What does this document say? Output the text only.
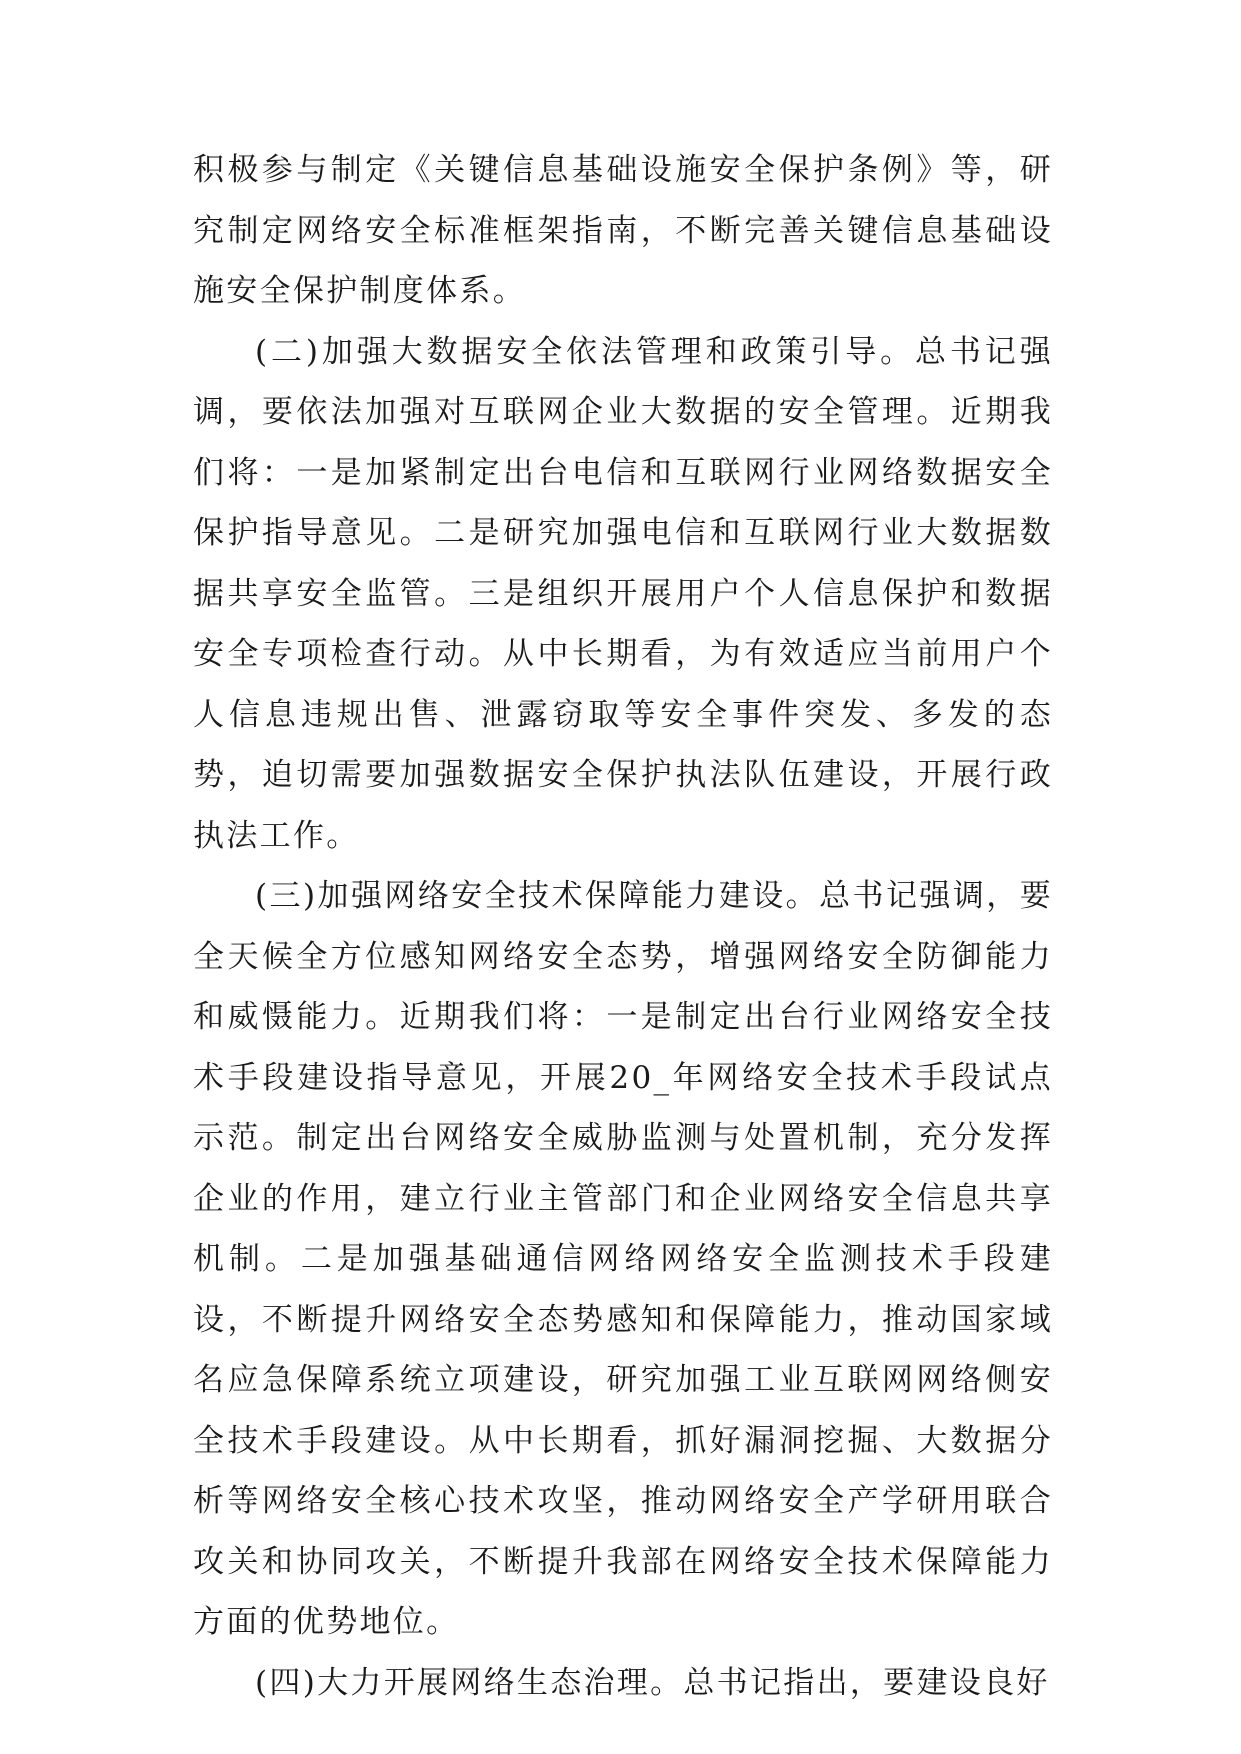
积极参与制定《关键信息基础设施安全保护条例》等，研究制定网络安全标准框架指南，不断完善关键信息基础设施安全保护制度体系。

(二)加强大数据安全依法管理和政策引导。总书记强调，要依法加强对互联网企业大数据的安全管理。近期我们将：一是加紧制定出台电信和互联网行业网络数据安全保护指导意见。二是研究加强电信和互联网行业大数据数据共享安全监管。三是组织开展用户个人信息保护和数据安全专项检查行动。从中长期看，为有效适应当前用户个人信息违规出售、泄露窃取等安全事件突发、多发的态势，迫切需要加强数据安全保护执法队伍建设，开展行政执法工作。

(三)加强网络安全技术保障能力建设。总书记强调，要全天候全方位感知网络安全态势，增强网络安全防御能力和威慑能力。近期我们将：一是制定出台行业网络安全技术手段建设指导意见，开展20_年网络安全技术手段试点示范。制定出台网络安全威胁监测与处置机制，充分发挥企业的作用，建立行业主管部门和企业网络安全信息共享机制。二是加强基础通信网络网络安全监测技术手段建设，不断提升网络安全态势感知和保障能力，推动国家域名应急保障系统立项建设，研究加强工业互联网网络侧安全技术手段建设。从中长期看，抓好漏洞挖掘、大数据分析等网络安全核心技术攻坚，推动网络安全产学研用联合攻关和协同攻关，不断提升我部在网络安全技术保障能力方面的优势地位。

(四)大力开展网络生态治理。总书记指出，要建设良好
